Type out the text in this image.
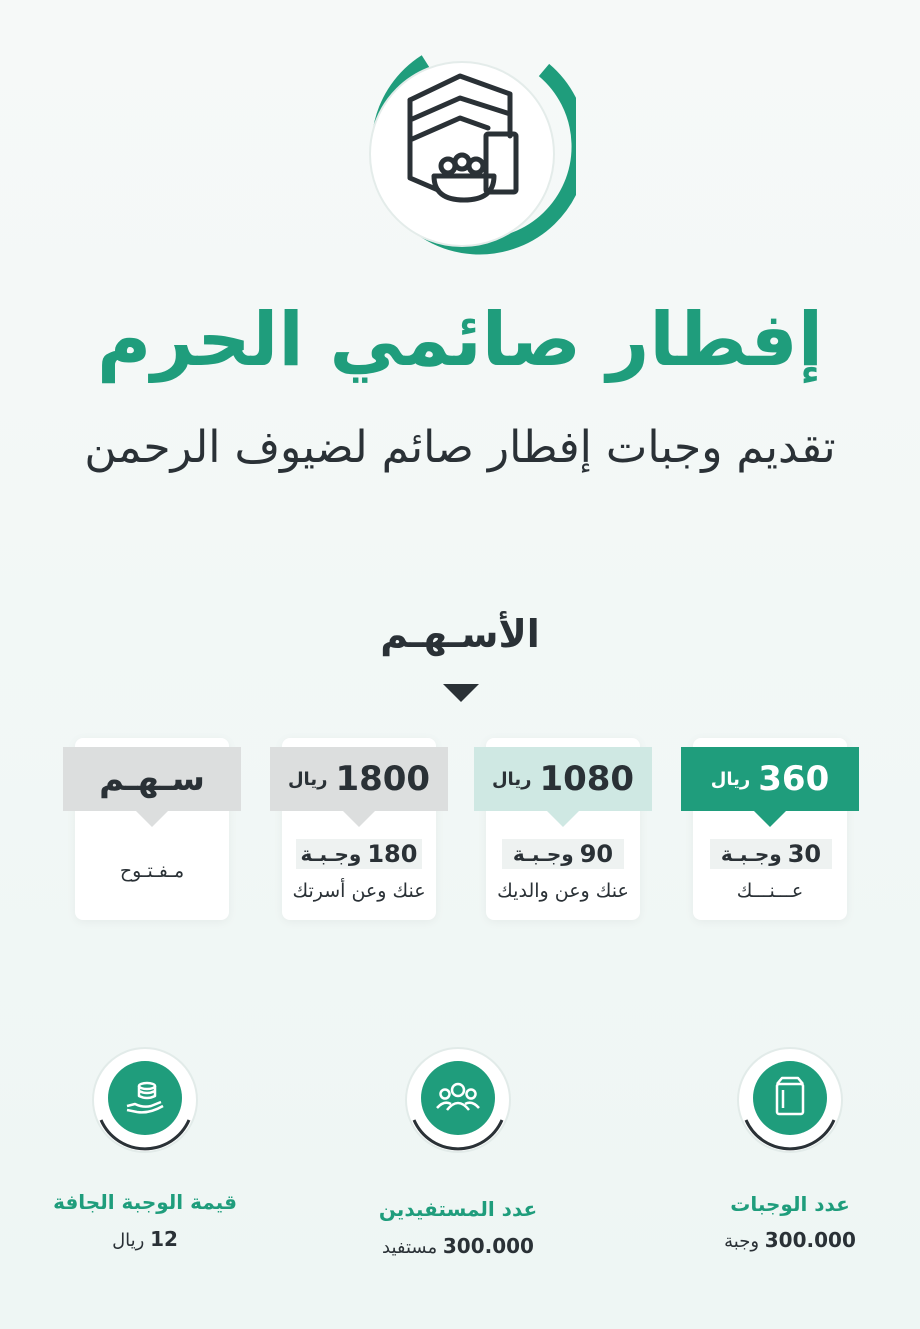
إفطار صائمي الحرم
تقديم وجبات إفطار صائم لضيوف الرحمن
الأسـهـم
360
ريال
30
وجـبـة
عـــنـــك
1080
ريال
90
وجـبـة
عنك وعن والديك
1800
ريال
180
وجـبـة
عنك وعن أسرتك
سـهـم
مـفـتـوح
عدد الوجبات
300.000 وجبة
عدد المستفيدين
300.000 مستفيد
قيمة الوجبة الجافة
12 ريال
